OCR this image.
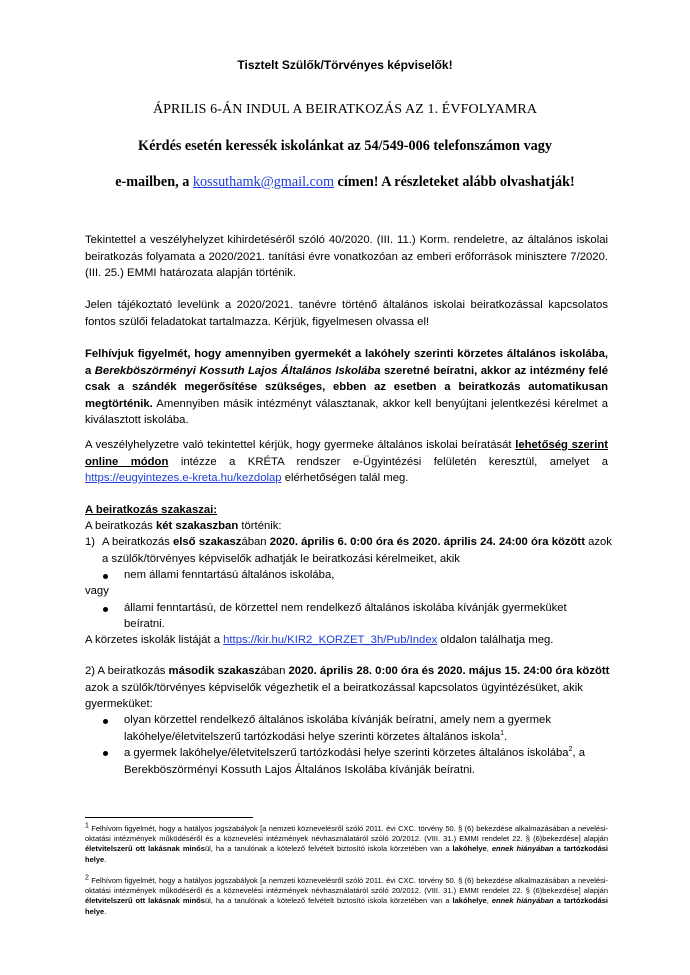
Tisztelt Szülők/Törvényes képviselők!

ÁPRILIS 6-ÁN INDUL A BEIRATKOZÁS AZ 1. ÉVFOLYAMRA

Kérdés esetén keressék iskolánkat az 54/549-006 telefonszámon vagy

e-mailben, a kossuthamk@gmail.com címen! A részleteket alább olvashatják!

Tekintettel a veszélyhelyzet kihirdetéséről szóló 40/2020. (III. 11.) Korm. rendeletre, az általános iskolai beiratkozás folyamata a 2020/2021. tanítási évre vonatkozóan az emberi erőforrások minisztere 7/2020. (III. 25.) EMMI határozata alapján történik.

Jelen tájékoztató levelünk a 2020/2021. tanévre történő általános iskolai beiratkozással kapcsolatos fontos szülői feladatokat tartalmazza. Kérjük, figyelmesen olvassa el!

Felhívjuk figyelmét, hogy amennyiben gyermekét a lakóhely szerinti körzetes általános iskolába, a Berekböszörményi Kossuth Lajos Általános Iskolába szeretné beíratni, akkor az intézmény felé csak a szándék megerősítése szükséges, ebben az esetben a beiratkozás automatikusan megtörténik. Amennyiben másik intézményt választanak, akkor kell benyújtani jelentkezési kérelmet a kiválasztott iskolába.

A veszélyhelyzetre való tekintettel kérjük, hogy gyermeke általános iskolai beíratását lehetőség szerint online módon intézze a KRÉTA rendszer e-Ügyintézési felületén keresztül, amelyet a https://eugyintezes.e-kreta.hu/kezdolap elérhetőségen talál meg.

A beiratkozás szakaszai:

A beiratkozás két szakaszban történik:

1) A beiratkozás első szakaszában 2020. április 6. 0:00 óra és 2020. április 24. 24:00 óra között azok

a szülők/törvényes képviselők adhatják le beiratkozási kérelmeiket, akik

nem állami fenntartású általános iskolába,

vagy

állami fenntartású, de körzettel nem rendelkező általános iskolába kívánják gyermeküket

beíratni.

A körzetes iskolák listáját a https://kir.hu/KIR2_KORZET_3h/Pub/Index oldalon találhatja meg.

2) A beiratkozás második szakaszában 2020. április 28. 0:00 óra és 2020. május 15. 24:00 óra között

azok a szülők/törvényes képviselők végezhetik el a beiratkozással kapcsolatos ügyintézésüket, akik

gyermeküket:

olyan körzettel rendelkező általános iskolába kívánják beíratni, amely nem a gyermek

lakóhelye/életvitelszerű tartózkodási helye szerinti körzetes általános iskola$^1$.

a gyermek lakóhelye/életvitelszerű tartózkodási helye szerinti körzetes általános iskolába$^2$, a

Berekböszörményi Kossuth Lajos Általános Iskolába kívánják beíratni.

$^1$ Felhívom figyelmét, hogy a hatályos jogszabályok [a nemzeti köznevelésről szóló 2011. évi CXC. törvény 50. § (6) bekezdése alkalmazásában a nevelési-oktatási intézmények működéséről és a köznevelési intézmények névhasználatáról szóló 20/2012. (VIII. 31.) EMMI rendelet 22. § (6)bekezdése] alapján életvitelszerű ott lakásnak minősül, ha a tanulónak a kötelező felvételt biztosító iskola körzetében van a lakóhelye, ennek hiányában a tartózkodási helye.

$^2$ Felhívom figyelmét, hogy a hatályos jogszabályok [a nemzeti köznevelésről szóló 2011. évi CXC. törvény 50. § (6) bekezdése alkalmazásában a nevelési-oktatási intézmények működéséről és a köznevelési intézmények névhasználatáról szóló 20/2012. (VIII. 31.) EMMI rendelet 22. § (6)bekezdése] alapján életvitelszerű ott lakásnak minősül, ha a tanulónak a kötelező felvételt biztosító iskola körzetében van a lakóhelye, ennek hiányában a tartózkodási helye.
